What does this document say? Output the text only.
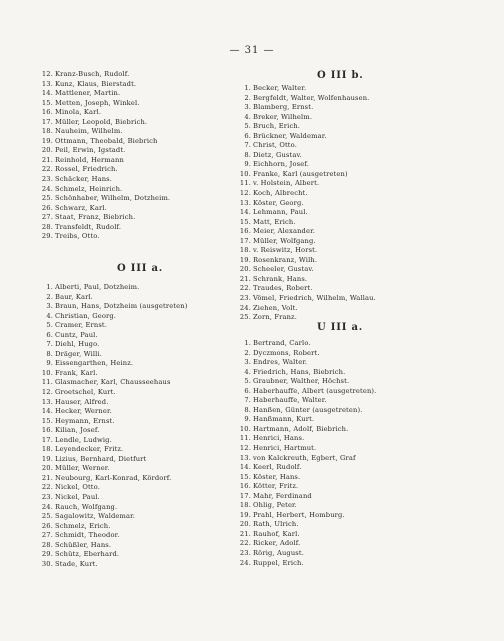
— 31 —
12. Kranz-Busch, Rudolf.
13. Kunz, Klaus, Bierstadt.
14. Mattlener, Martin.
15. Metten, Joseph, Winkel.
16. Minola, Karl.
17. Müller, Leopold, Biebrich.
18. Nauheim, Wilhelm.
19. Ottmann, Theobald, Biebrich
20. Peil, Erwin, Igstadt.
21. Reinhold, Hermann
22. Rossel, Friedrich.
23. Schäcker, Hans.
24. Schmelz, Heinrich.
25. Schönhaber, Wilhelm, Dotzheim.
26. Schwarz, Karl.
27. Staat, Franz, Biebrich.
28. Transfeldt, Rudolf.
29. Treibs, Otto.
O III a.
1. Alberti, Paul, Dotzheim.
2. Baur, Karl.
3. Braun, Hans, Dotzheim (ausgetreten)
4. Christian, Georg.
5. Cramer, Ernst.
6. Cuntz, Paul.
7. Diehl, Hugo.
8. Dräger, Willi.
9. Eissengarthen, Heinz.
10. Frank, Karl.
11. Glasmacher, Karl, Chausseehaus
12. Groetschel, Kurt.
13. Hauser, Alfred.
14. Hecker, Werner.
15. Heymann, Ernst.
16. Kilian, Josef.
17. Lendle, Ludwig.
18. Leyendecker, Fritz.
19. Lizius, Bernhard, Dietfurt
20. Müller, Werner.
21. Neubourg, Karl-Konrad, Kördorf.
22. Nickel, Otto.
23. Nickel, Paul.
24. Rauch, Wolfgang.
25. Sagalowitz, Waldemar.
26. Schmelz, Erich.
27. Schmidt, Theodor.
28. Schüßler, Hans.
29. Schütz, Eberhard.
30. Stade, Kurt.
O III b.
1. Becker, Walter.
2. Bergfeldt, Walter, Wolfenhausen.
3. Blamberg, Ernst.
4. Breker, Wilhelm.
5. Bruch, Erich.
6. Brückner, Waldemar.
7. Christ, Otto.
8. Dietz, Gustav.
9. Eichhorn, Josef.
10. Franke, Karl (ausgetreten)
11. v. Holstein, Albert.
12. Koch, Albrecht.
13. Köster, Georg.
14. Lehmann, Paul.
15. Matt, Erich.
16. Meier, Alexander.
17. Müller, Wolfgang.
18. v. Reiswitz, Horst.
19. Rosenkranz, Wilh.
20. Scheeler, Gustav.
21. Schrank, Hans.
22. Traudes, Robert.
23. Vömel, Friedrich, Wilhelm, Wallau.
24. Ziehen, Volt.
25. Zorn, Franz.
U III a.
1. Bertrand, Carlo.
2. Dyczmons, Robert.
3. Endres, Walter.
4. Friedrich, Hans, Biebrich.
5. Graubner, Walther, Höchst.
6. Haberhauffe, Albert (ausgetreten).
7. Haberhauffe, Walter.
8. Hanßen, Günter (ausgetreten).
9. Hanßmann, Kurt.
10. Hartmann, Adolf, Biebrich.
11. Henrici, Hans.
12. Henrici, Hartmut.
13. von Kalckreuth, Egbert, Graf
14. Keerl, Rudolf.
15. Köster, Hans.
16. Kötter, Fritz.
17. Mahr, Ferdinand
18. Ohlig, Peter.
19. Prahl, Herbert, Homburg.
20. Rath, Ulrich.
21. Rauhof, Karl.
22. Ricker, Adolf.
23. Rörig, August.
24. Ruppel, Erich.
